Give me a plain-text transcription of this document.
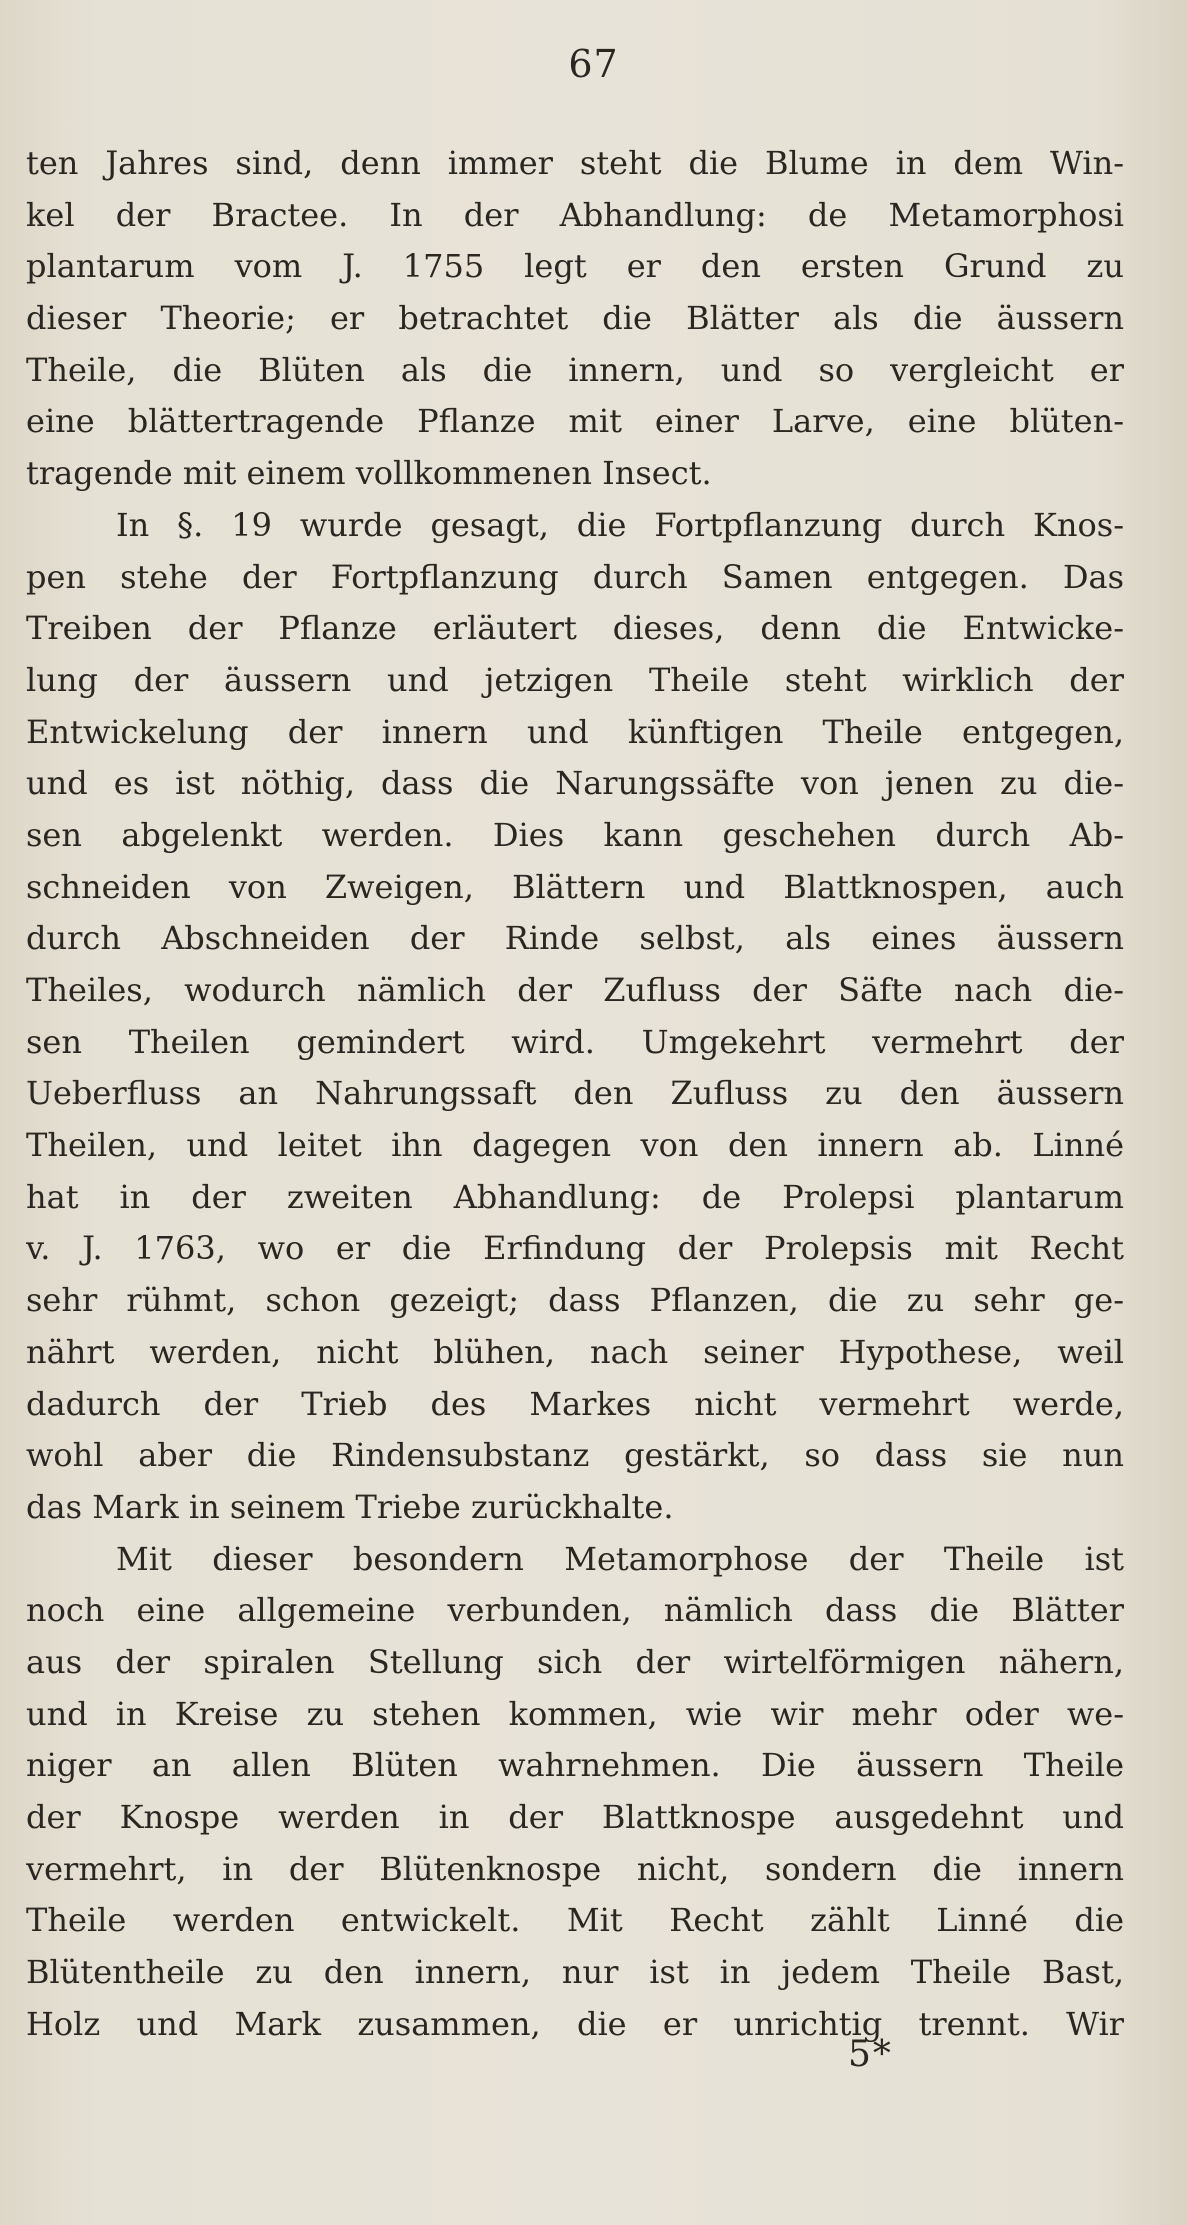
67
ten Jahres sind, denn immer steht die Blume in dem Win-
kel der Bractee. In der Abhandlung: de Metamorphosi
plantarum vom J. 1755 legt er den ersten Grund zu
dieser Theorie; er betrachtet die Blätter als die äussern
Theile, die Blüten als die innern, und so vergleicht er
eine blättertragende Pflanze mit einer Larve, eine blüten-
tragende mit einem vollkommenen Insect.
In §. 19 wurde gesagt, die Fortpflanzung durch Knos-
pen stehe der Fortpflanzung durch Samen entgegen. Das
Treiben der Pflanze erläutert dieses, denn die Entwicke-
lung der äussern und jetzigen Theile steht wirklich der
Entwickelung der innern und künftigen Theile entgegen,
und es ist nöthig, dass die Narungssäfte von jenen zu die-
sen abgelenkt werden. Dies kann geschehen durch Ab-
schneiden von Zweigen, Blättern und Blattknospen, auch
durch Abschneiden der Rinde selbst, als eines äussern
Theiles, wodurch nämlich der Zufluss der Säfte nach die-
sen Theilen gemindert wird. Umgekehrt vermehrt der
Ueberfluss an Nahrungssaft den Zufluss zu den äussern
Theilen, und leitet ihn dagegen von den innern ab. Linné
hat in der zweiten Abhandlung: de Prolepsi plantarum
v. J. 1763, wo er die Erfindung der Prolepsis mit Recht
sehr rühmt, schon gezeigt; dass Pflanzen, die zu sehr ge-
nährt werden, nicht blühen, nach seiner Hypothese, weil
dadurch der Trieb des Markes nicht vermehrt werde,
wohl aber die Rindensubstanz gestärkt, so dass sie nun
das Mark in seinem Triebe zurückhalte.
Mit dieser besondern Metamorphose der Theile ist
noch eine allgemeine verbunden, nämlich dass die Blätter
aus der spiralen Stellung sich der wirtelförmigen nähern,
und in Kreise zu stehen kommen, wie wir mehr oder we-
niger an allen Blüten wahrnehmen. Die äussern Theile
der Knospe werden in der Blattknospe ausgedehnt und
vermehrt, in der Blütenknospe nicht, sondern die innern
Theile werden entwickelt. Mit Recht zählt Linné die
Blütentheile zu den innern, nur ist in jedem Theile Bast,
Holz und Mark zusammen, die er unrichtig trennt. Wir
5*
